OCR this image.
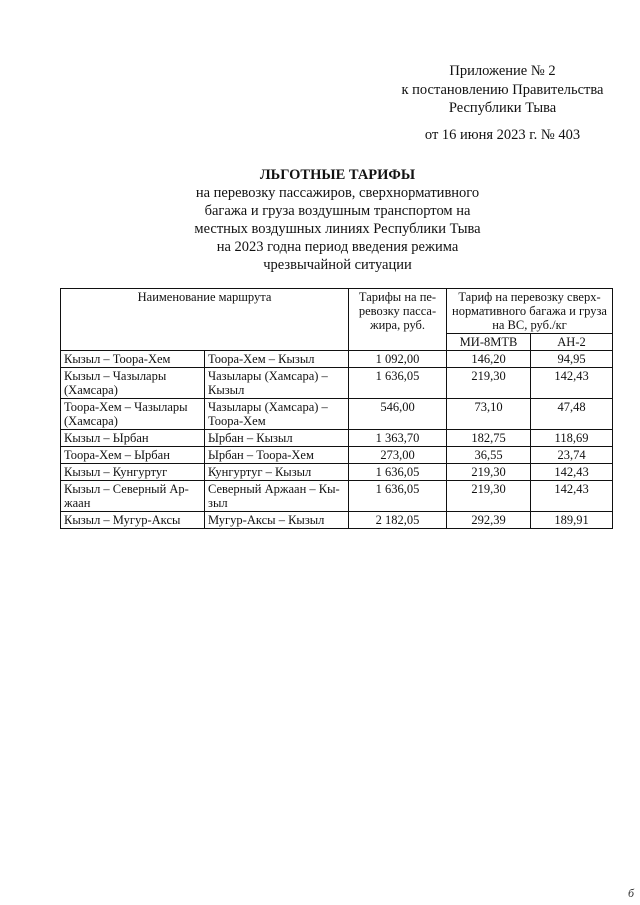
Приложение № 2
к постановлению Правительства
Республики Тыва
от 16 июня 2023 г. № 403
ЛЬГОТНЫЕ ТАРИФЫ
на перевозку пассажиров, сверхнормативного
багажа и груза воздушным транспортом на
местных воздушных линиях Республики Тыва
на 2023 годна период введения режима
чрезвычайной ситуации
Наименование маршрута		Тарифы на пе-ревозку пасса-жира, руб.	Тариф на перевозку сверх-нормативного багажа и груза на ВС, руб./кг	
			МИ-8МТВ	АН-2
Кызыл – Тоора-Хем	Тоора-Хем – Кызыл	1 092,00	146,20	94,95
Кызыл – Чазылары (Хамсара)	Чазылары (Хамсара) – Кызыл	1 636,05	219,30	142,43
Тоора-Хем – Чазылары (Хамсара)	Чазылары (Хамсара) – Тоора-Хем	546,00	73,10	47,48
Кызыл – Ырбан	Ырбан – Кызыл	1 363,70	182,75	118,69
Тоора-Хем – Ырбан	Ырбан – Тоора-Хем	273,00	36,55	23,74
Кызыл – Кунгуртуг	Кунгуртуг – Кызыл	1 636,05	219,30	142,43
Кызыл – Северный Ар-жаан	Северный Аржаан – Кы-зыл	1 636,05	219,30	142,43
Кызыл – Мугур-Аксы	Мугур-Аксы – Кызыл	2 182,05	292,39	189,91
б
